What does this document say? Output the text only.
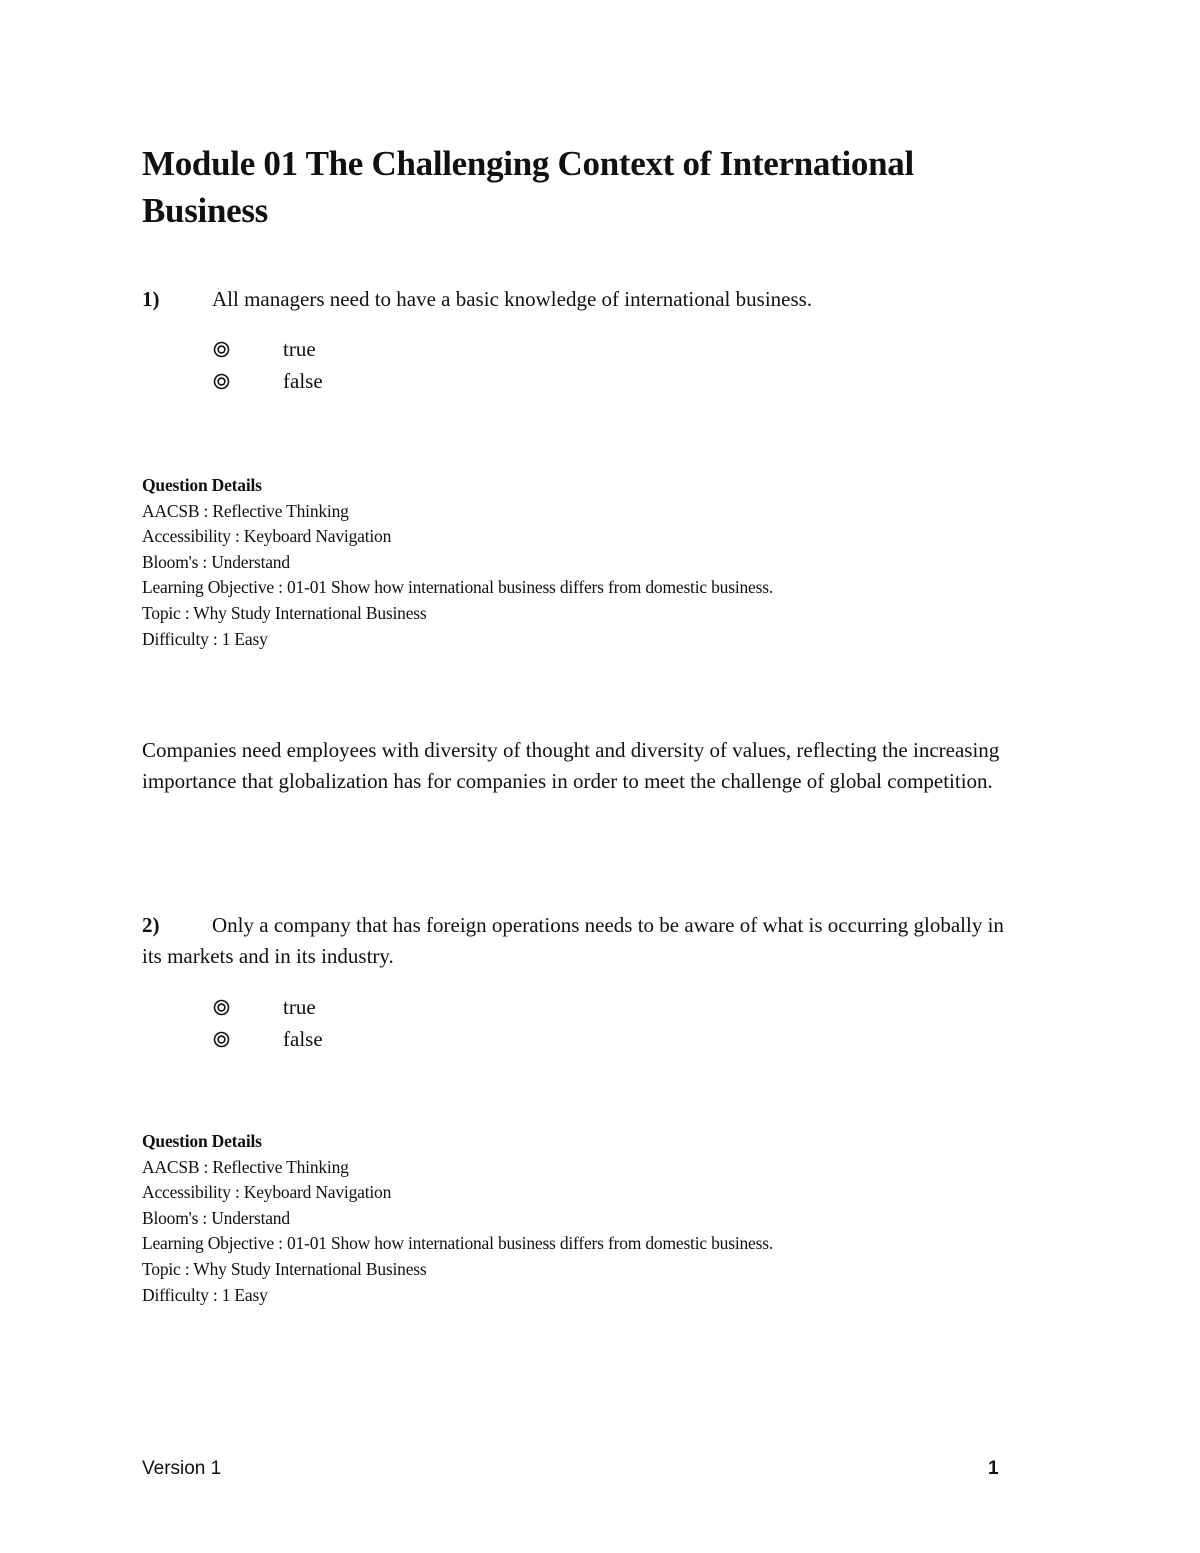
Module 01 The Challenging Context of International Business

1)	All managers need to have a basic knowledge of international business.

true
false
Question Details
AACSB : Reflective Thinking
Accessibility : Keyboard Navigation
Bloom's : Understand
Learning Objective : 01-01 Show how international business differs from domestic business.
Topic : Why Study International Business
Difficulty : 1 Easy

Companies need employees with diversity of thought and diversity of values, reflecting the increasing importance that globalization has for companies in order to meet the challenge of global competition.

2)	Only a company that has foreign operations needs to be aware of what is occurring globally in its markets and in its industry.

true
false
Question Details
AACSB : Reflective Thinking
Accessibility : Keyboard Navigation
Bloom's : Understand
Learning Objective : 01-01 Show how international business differs from domestic business.
Topic : Why Study International Business
Difficulty : 1 Easy
Version 1	1
